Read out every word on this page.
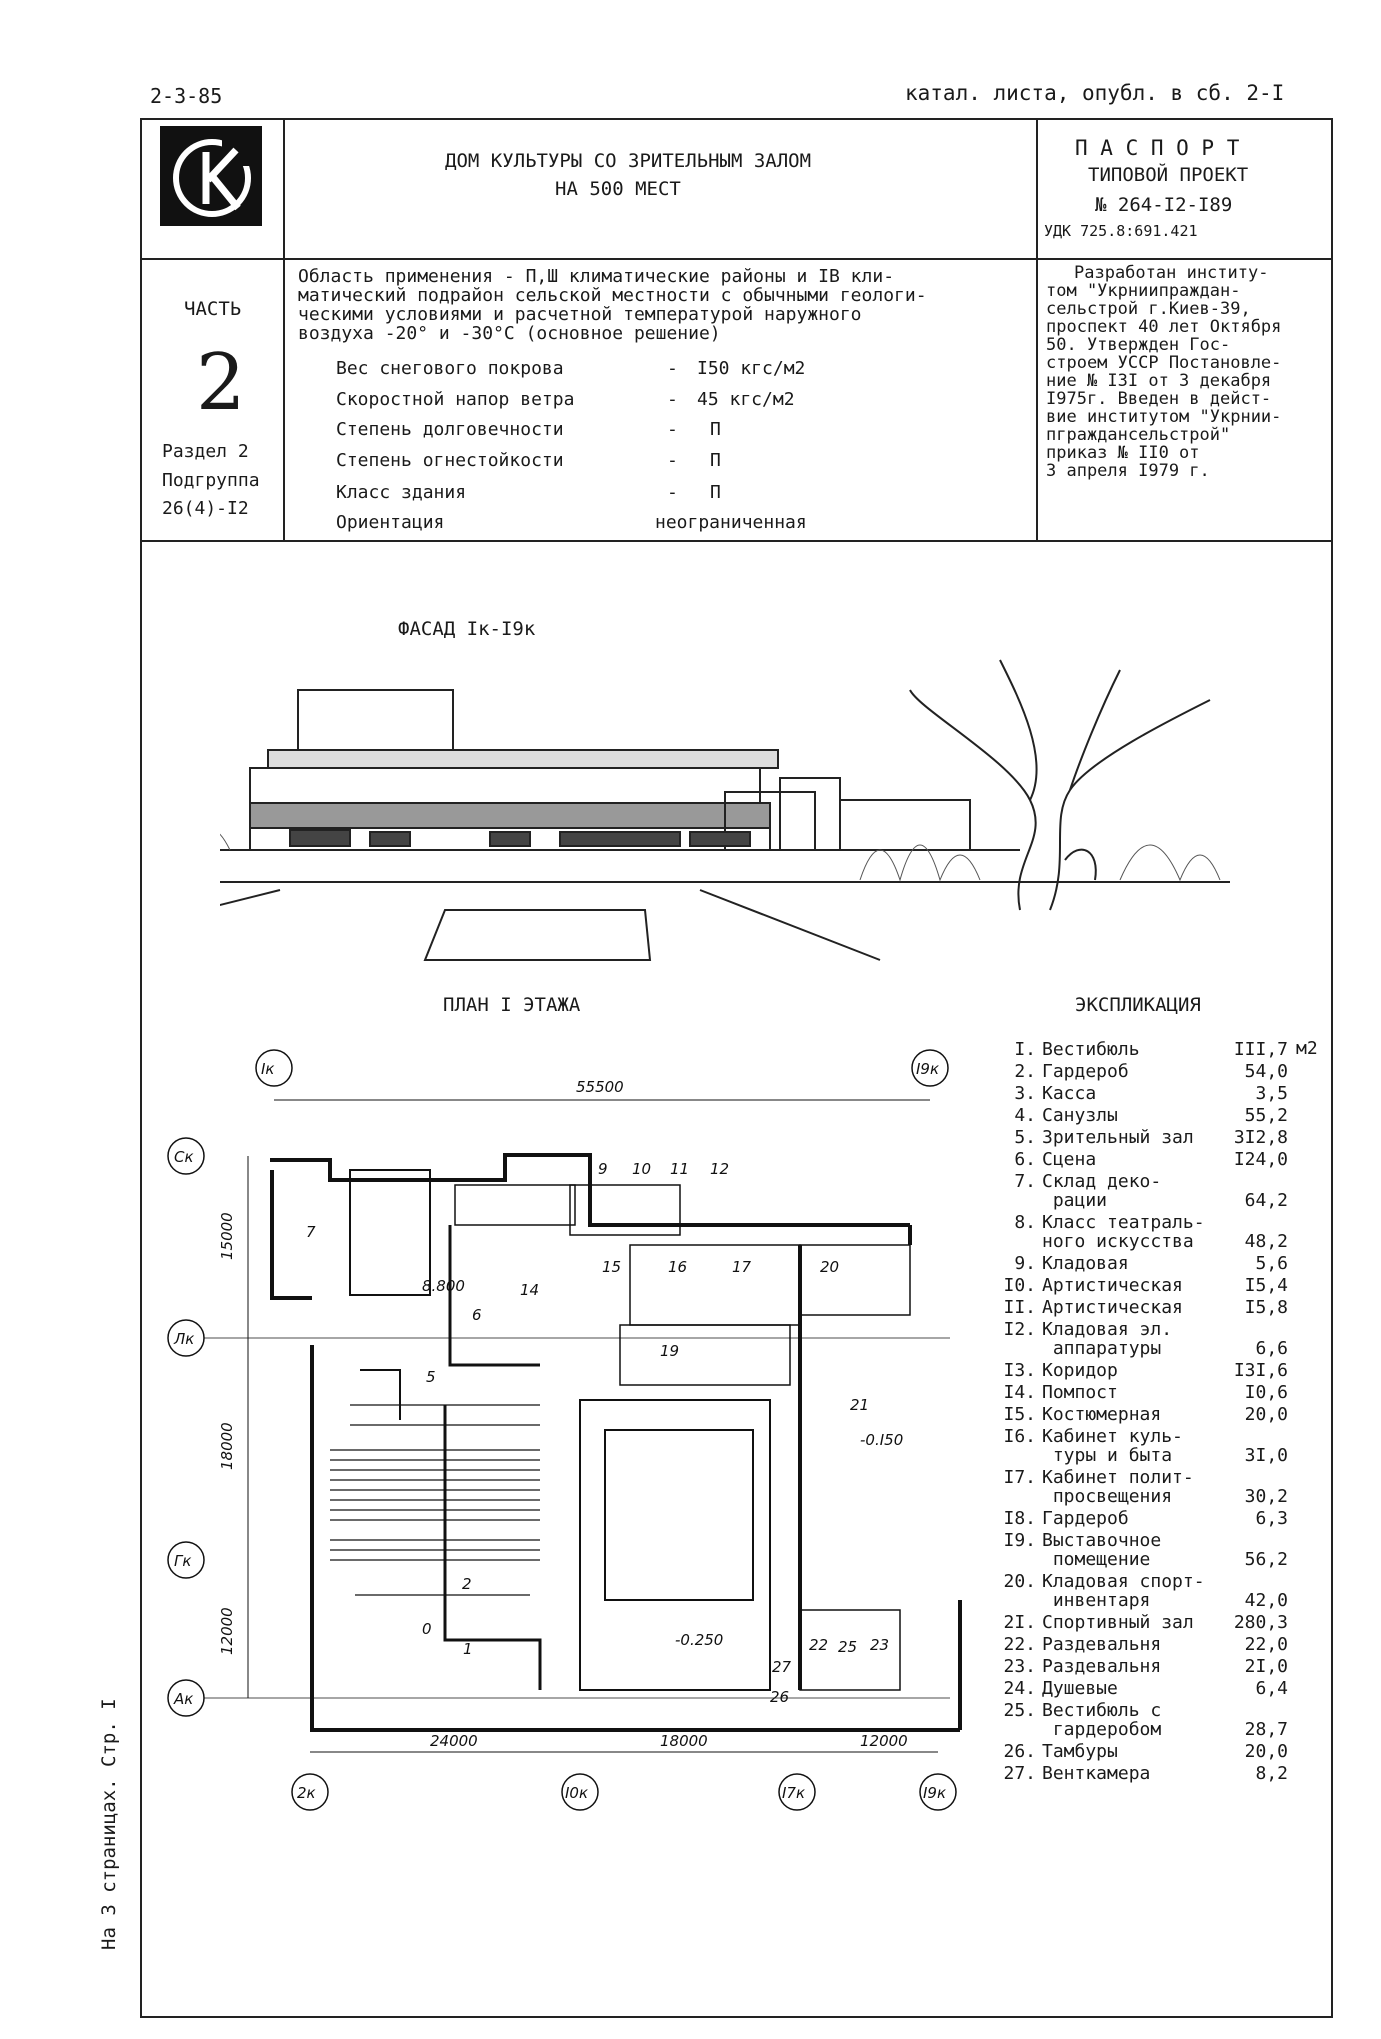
2-3-85	катал. листа, опубл. в сб. 2-I
ДОМ КУЛЬТУРЫ СО ЗРИТЕЛЬНЫМ ЗАЛОМ
НА 500 МЕСТ
П А С П О Р Т
ТИПОВОЙ ПРОЕКТ
№ 264-I2-I89
УДК 725.8:691.421
ЧАСТЬ
2
Раздел 2
Подгруппа
26(4)-I2
Область применения - П,Ш климатические районы и IB кли-
матический подрайон сельской местности с обычными геологи-
ческими условиями и расчетной температурой наружного
воздуха -20° и -30°С (основное решение)
Вес снегового покрова	- I50 кгс/м2
Скоростной напор ветра	- 45 кгс/м2
Степень долговечности	- П
Степень огнестойкости	- П
Класс здания	- П
Ориентация	неограниченная
Разработан институ-
том "Укрниипраждан-
сельстрой г.Киев-39,
проспект 40 лет Октября
50. Утвержден Гос-
строем УССР Постановле-
ние № I3I от 3 декабря
I975г. Введен в дейст-
вие институтом "Укрнии-
пграждансельстрой"
приказ № II0 от
3 апреля I979 г.
ФАСАД Iк-I9к
ПЛАН I ЭТАЖА
Iк	I9к
Ск
Лк
Гк
Ак
2к	I0к	I7к	I9к
55500
24000	18000	12000
8.800
-0.I50
-0.250
0
1
2
5
6
7
9 10 11 12
14
15	16	17
19
20
21
22	23
25
26
27
15000
18000
12000
ЭКСПЛИКАЦИЯ
м2
I. Вестибюль	III,7
2. Гардероб	54,0
3. Касса	3,5
4. Санузлы	55,2
5. Зрительный зал 3I2,8
6. Сцена	I24,0
7. Склад деко-
рации	64,2
8. Класс театраль-
ного искусства	48,2
9. Кладовая	5,6
I0. Артистическая	I5,4
II. Артистическая	I5,8
I2. Кладовая эл.
аппаратуры	6,6
I3. Коридор	I3I,6
I4. Помпост	I0,6
I5. Костюмерная	20,0
I6. Кабинет куль-
туры и быта	3I,0
I7. Кабинет полит-
просвещения	30,2
I8. Гардероб	6,3
I9. Выставочное
помещение	56,2
20. Кладовая спорт-
инвентаря	42,0
2I. Спортивный зал 280,3
22. Раздевальня	22,0
23. Раздевальня	2I,0
24. Душевые	6,4
25. Вестибюль с
гардеробом	28,7
26. Тамбуры	20,0
27. Венткамера	8,2
На 3 страницах. Стр. I
